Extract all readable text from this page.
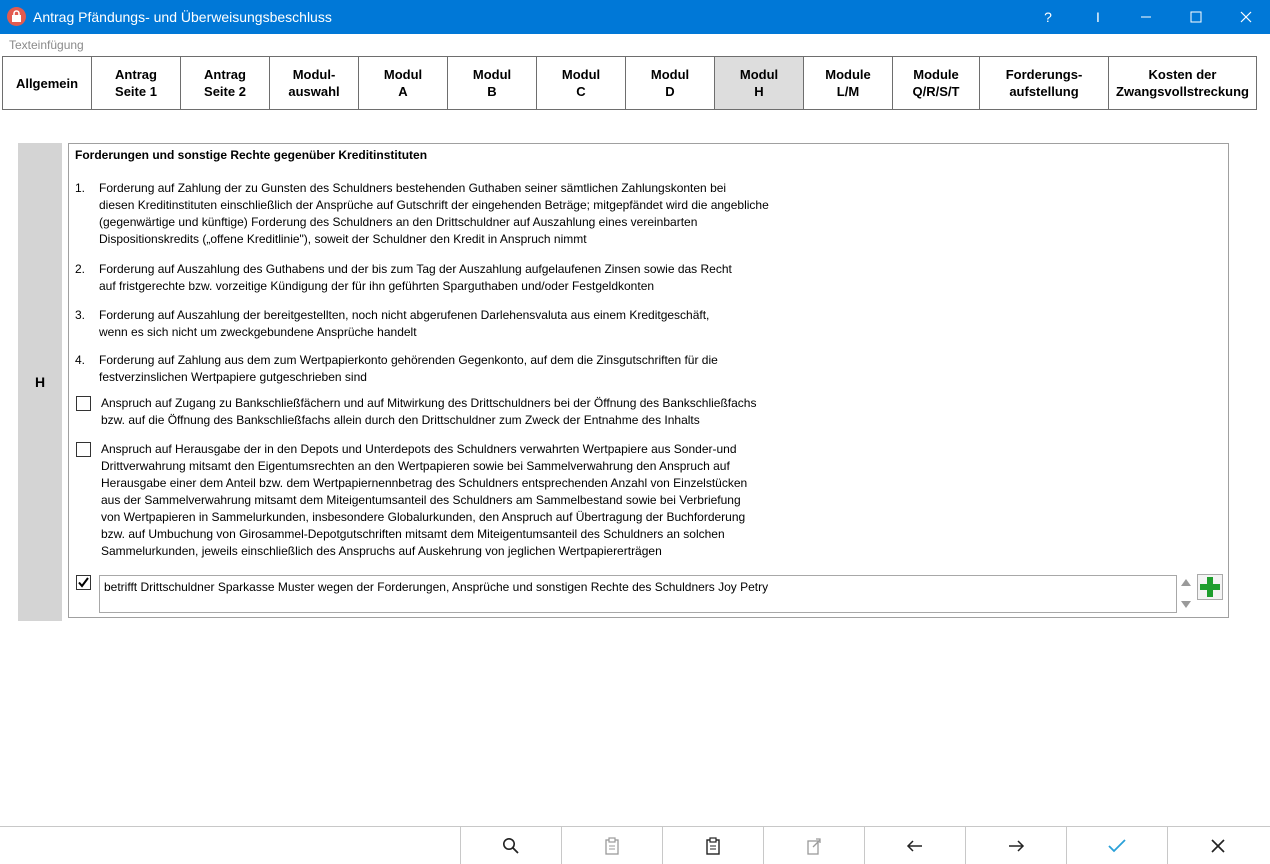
Antrag Pfändungs- und Überweisungsbeschluss	?	I
Texteinfügung
Allgemein
Antrag
Seite 1
Antrag
Seite 2
Modul-
auswahl
Modul
A
Modul
B
Modul
C
Modul
D
Modul
H
Module
L/M
Module
Q/R/S/T
Forderungs-
aufstellung
Kosten der
Zwangsvollstreckung
H
Forderungen und sonstige Rechte gegenüber Kreditinstituten
1. Forderung auf Zahlung der zu Gunsten des Schuldners bestehenden Guthaben seiner sämtlichen Zahlungskonten bei
diesen Kreditinstituten einschließlich der Ansprüche auf Gutschrift der eingehenden Beträge; mitgepfändet wird die angebliche
(gegenwärtige und künftige) Forderung des Schuldners an den Drittschuldner auf Auszahlung eines vereinbarten
Dispositionskredits („offene Kreditlinie"), soweit der Schuldner den Kredit in Anspruch nimmt
2. Forderung auf Auszahlung des Guthabens und der bis zum Tag der Auszahlung aufgelaufenen Zinsen sowie das Recht
auf fristgerechte bzw. vorzeitige Kündigung der für ihn geführten Sparguthaben und/oder Festgeldkonten
3. Forderung auf Auszahlung der bereitgestellten, noch nicht abgerufenen Darlehensvaluta aus einem Kreditgeschäft,
wenn es sich nicht um zweckgebundene Ansprüche handelt
4. Forderung auf Zahlung aus dem zum Wertpapierkonto gehörenden Gegenkonto, auf dem die Zinsgutschriften für die
festverzinslichen Wertpapiere gutgeschrieben sind
Anspruch auf Zugang zu Bankschließfächern und auf Mitwirkung des Drittschuldners bei der Öffnung des Bankschließfachs
bzw. auf die Öffnung des Bankschließfachs allein durch den Drittschuldner zum Zweck der Entnahme des Inhalts
Anspruch auf Herausgabe der in den Depots und Unterdepots des Schuldners verwahrten Wertpapiere aus Sonder-und
Drittverwahrung mitsamt den Eigentumsrechten an den Wertpapieren sowie bei Sammelverwahrung den Anspruch auf
Herausgabe einer dem Anteil bzw. dem Wertpapiernennbetrag des Schuldners entsprechenden Anzahl von Einzelstücken
aus der Sammelverwahrung mitsamt dem Miteigentumsanteil des Schuldners am Sammelbestand sowie bei Verbriefung
von Wertpapieren in Sammelurkunden, insbesondere Globalurkunden, den Anspruch auf Übertragung der Buchforderung
bzw. auf Umbuchung von Girosammel-Depotgutschriften mitsamt dem Miteigentumsanteil des Schuldners an solchen
Sammelurkunden, jeweils einschließlich des Anspruchs auf Auskehrung von jeglichen Wertpapiererträgen
betrifft Drittschuldner Sparkasse Muster wegen der Forderungen, Ansprüche und sonstigen Rechte des Schuldners Joy Petry
